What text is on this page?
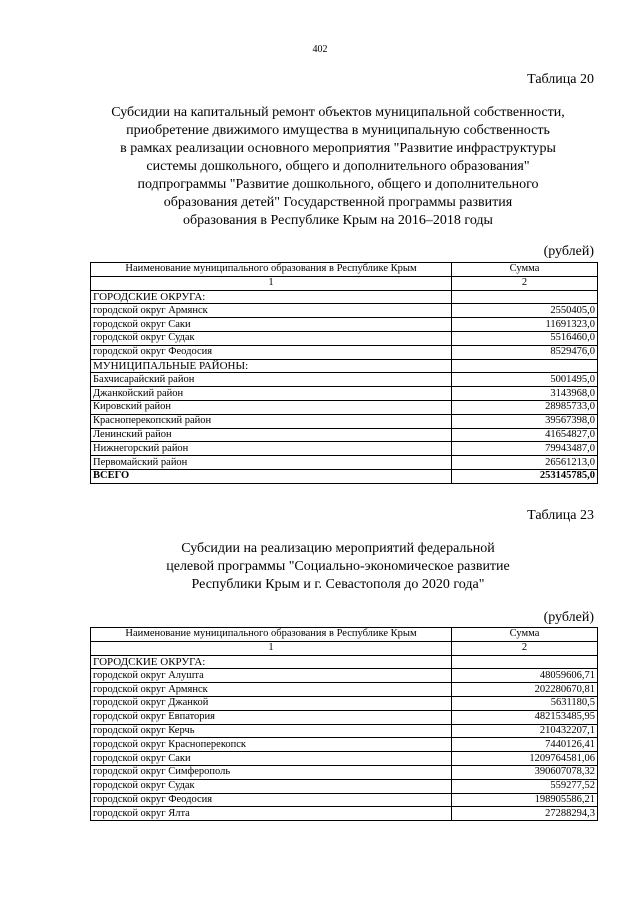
402
Таблица 20
Субсидии на капитальный ремонт объектов муниципальной собственности,
приобретение движимого имущества в муниципальную собственность
в рамках реализации основного мероприятия "Развитие инфраструктуры
системы дошкольного, общего и дополнительного образования"
подпрограммы "Развитие дошкольного, общего и дополнительного
образования детей" Государственной программы развития
образования в Республике Крым на 2016–2018 годы
(рублей)
Наименование муниципального образования в Республике Крым	Сумма
1	2
ГОРОДСКИЕ ОКРУГА:	
городской округ Армянск	2550405,0
городской округ Саки	11691323,0
городской округ Судак	5516460,0
городской округ Феодосия	8529476,0
МУНИЦИПАЛЬНЫЕ РАЙОНЫ:	
Бахчисарайский район	5001495,0
Джанкойский район	3143968,0
Кировский район	28985733,0
Красноперекопский район	39567398,0
Ленинский район	41654827,0
Нижнегорский район	79943487,0
Первомайский район	26561213,0
ВСЕГО	253145785,0
Таблица 23
Субсидии на реализацию мероприятий федеральной
целевой программы "Социально-экономическое развитие
Республики Крым и г. Севастополя до 2020 года"
(рублей)
Наименование муниципального образования в Республике Крым	Сумма
1	2
ГОРОДСКИЕ ОКРУГА:	
городской округ Алушта	48059606,71
городской округ Армянск	202280670,81
городской округ Джанкой	5631180,5
городской округ Евпатория	482153485,95
городской округ Керчь	210432207,1
городской округ Красноперекопск	7440126,41
городской округ Саки	1209764581,06
городской округ Симферополь	390607078,32
городской округ Судак	559277,52
городской округ Феодосия	198905586,21
городской округ Ялта	27288294,3
